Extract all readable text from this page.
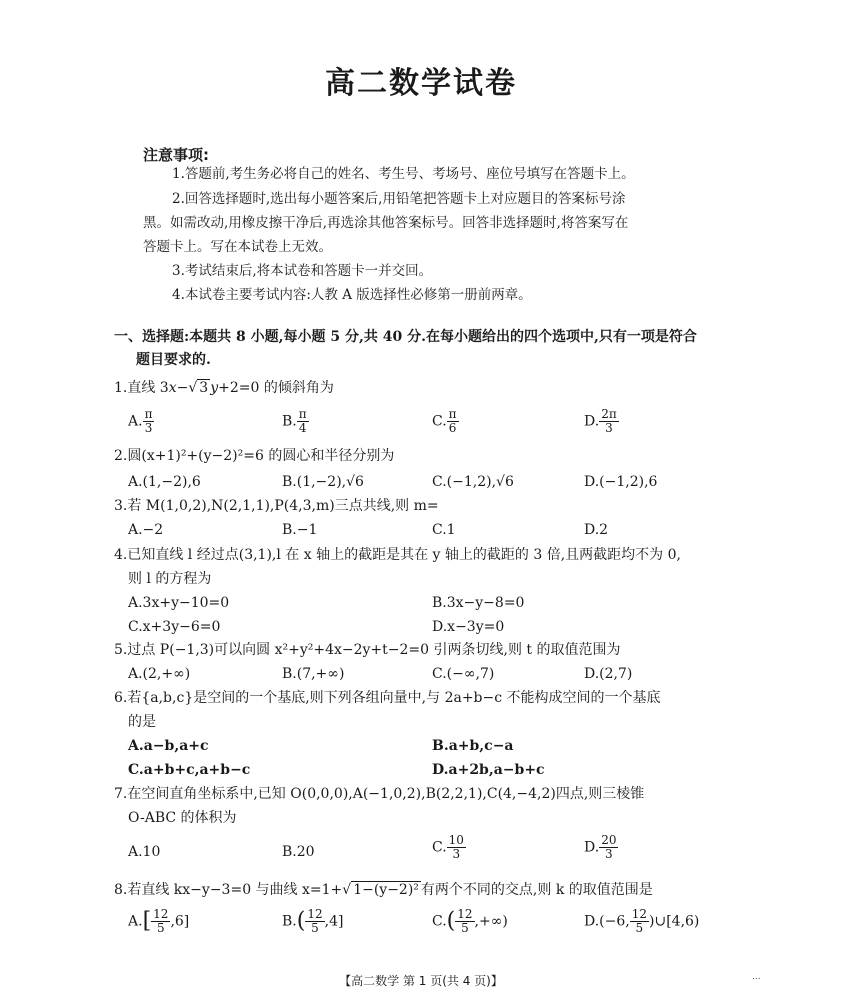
高二数学试卷
注意事项:
1.答题前,考生务必将自己的姓名、考生号、考场号、座位号填写在答题卡上。
2.回答选择题时,选出每小题答案后,用铅笔把答题卡上对应题目的答案标号涂
黑。如需改动,用橡皮擦干净后,再选涂其他答案标号。回答非选择题时,将答案写在
答题卡上。写在本试卷上无效。
3.考试结束后,将本试卷和答题卡一并交回。
4.本试卷主要考试内容:人教 A 版选择性必修第一册前两章。
一、选择题:本题共 8 小题,每小题 5 分,共 40 分.在每小题给出的四个选项中,只有一项是符合
题目要求的.
1.直线 3x−√ 3 y+2=0 的倾斜角为
A. $\frac{\pi}{3}$	B. $\frac{\pi}{4}$	C. $\frac{\pi}{6}$	D. $\frac{2\pi}{3}$
2.圆(x+1)²+(y−2)²=6 的圆心和半径分别为
A.(1,−2),6	B.(1,−2),√6	C.(−1,2),√6	D.(−1,2),6
3.若 M(1,0,2),N(2,1,1),P(4,3,m)三点共线,则 m=
A.−2	B.−1	C.1	D.2
4.已知直线 l 经过点(3,1),l 在 x 轴上的截距是其在 y 轴上的截距的 3 倍,且两截距均不为 0,
则 l 的方程为
A.3x+y−10=0	B.3x−y−8=0
C.x+3y−6=0	D.x−3y=0
5.过点 P(−1,3)可以向圆 x²+y²+4x−2y+t−2=0 引两条切线,则 t 的取值范围为
A.(2,+∞)	B.(7,+∞)	C.(−∞,7)	D.(2,7)
6.若{a,b,c}是空间的一个基底,则下列各组向量中,与 2a+b−c 不能构成空间的一个基底
的是
A.a−b,a+c	B.a+b,c−a
C.a+b+c,a+b−c	D.a+2b,a−b+c
7.在空间直角坐标系中,已知 O(0,0,0),A(−1,0,2),B(2,2,1),C(4,−4,2)四点,则三棱锥
O-ABC 的体积为
A.10	B.20	C. $\frac{10}{3}$	D. $\frac{20}{3}$
8.若直线 kx−y−3=0 与曲线 x=1+√ 1−(y−2)² 有两个不同的交点,则 k 的取值范围是
$A.[ \frac{12}{5} ,6]$	$B.( \frac{12}{5} ,4]$	$C.( \frac{12}{5}$ ,+∞)	D.(−6, $\frac{12}{5}$ )∪[4,6)
【高二数学 第 1 页(共 4 页)】	...
